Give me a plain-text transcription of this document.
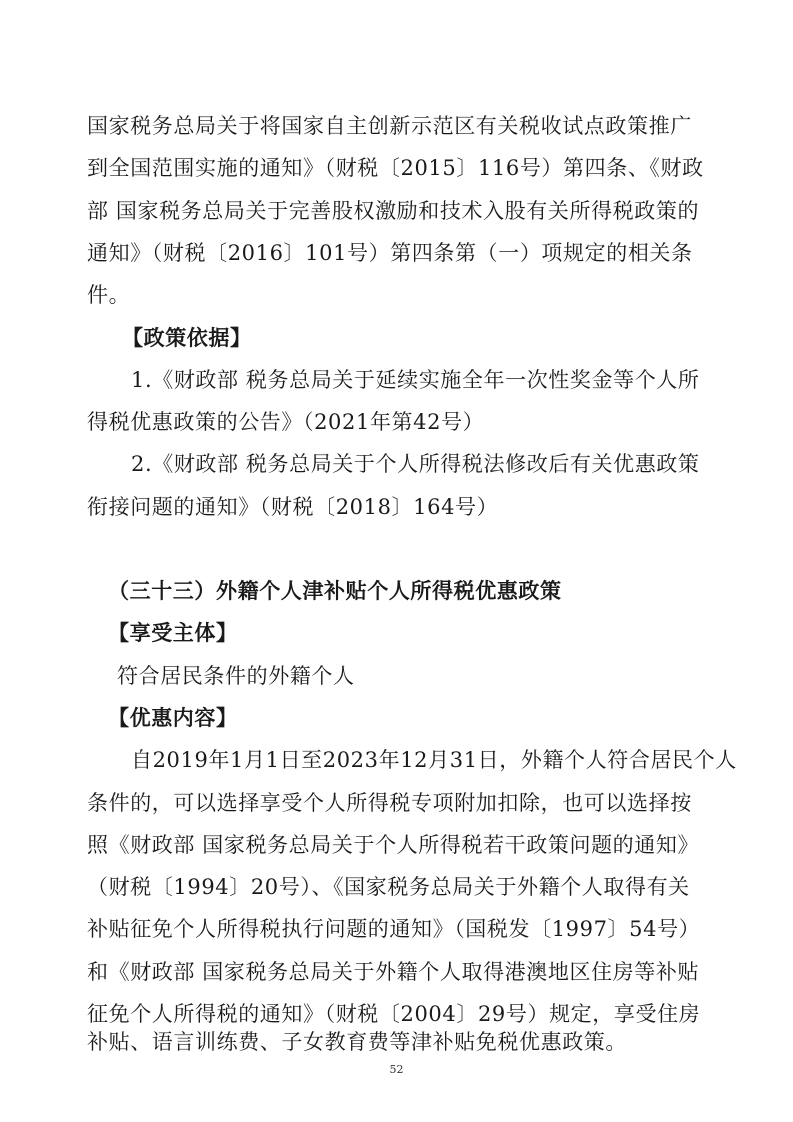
国家税务总局关于将国家自主创新示范区有关税收试点政策推广
到全国范围实施的通知》（财税〔2015〕116号）第四条、《财政
部 国家税务总局关于完善股权激励和技术入股有关所得税政策的
通知》（财税〔2016〕101号）第四条第（一）项规定的相关条
件。
【政策依据】
1.《财政部 税务总局关于延续实施全年一次性奖金等个人所
得税优惠政策的公告》（2021年第42号）
2.《财政部 税务总局关于个人所得税法修改后有关优惠政策
衔接问题的通知》（财税〔2018〕164号）
（三十三）外籍个人津补贴个人所得税优惠政策
【享受主体】
符合居民条件的外籍个人
【优惠内容】
自2019年1月1日至2023年12月31日，外籍个人符合居民个人
条件的，可以选择享受个人所得税专项附加扣除，也可以选择按
照《财政部 国家税务总局关于个人所得税若干政策问题的通知》
（财税〔1994〕20号）、《国家税务总局关于外籍个人取得有关
补贴征免个人所得税执行问题的通知》（国税发〔1997〕54号）
和《财政部 国家税务总局关于外籍个人取得港澳地区住房等补贴
征免个人所得税的通知》（财税〔2004〕29号）规定，享受住房
补贴、语言训练费、子女教育费等津补贴免税优惠政策。
52
